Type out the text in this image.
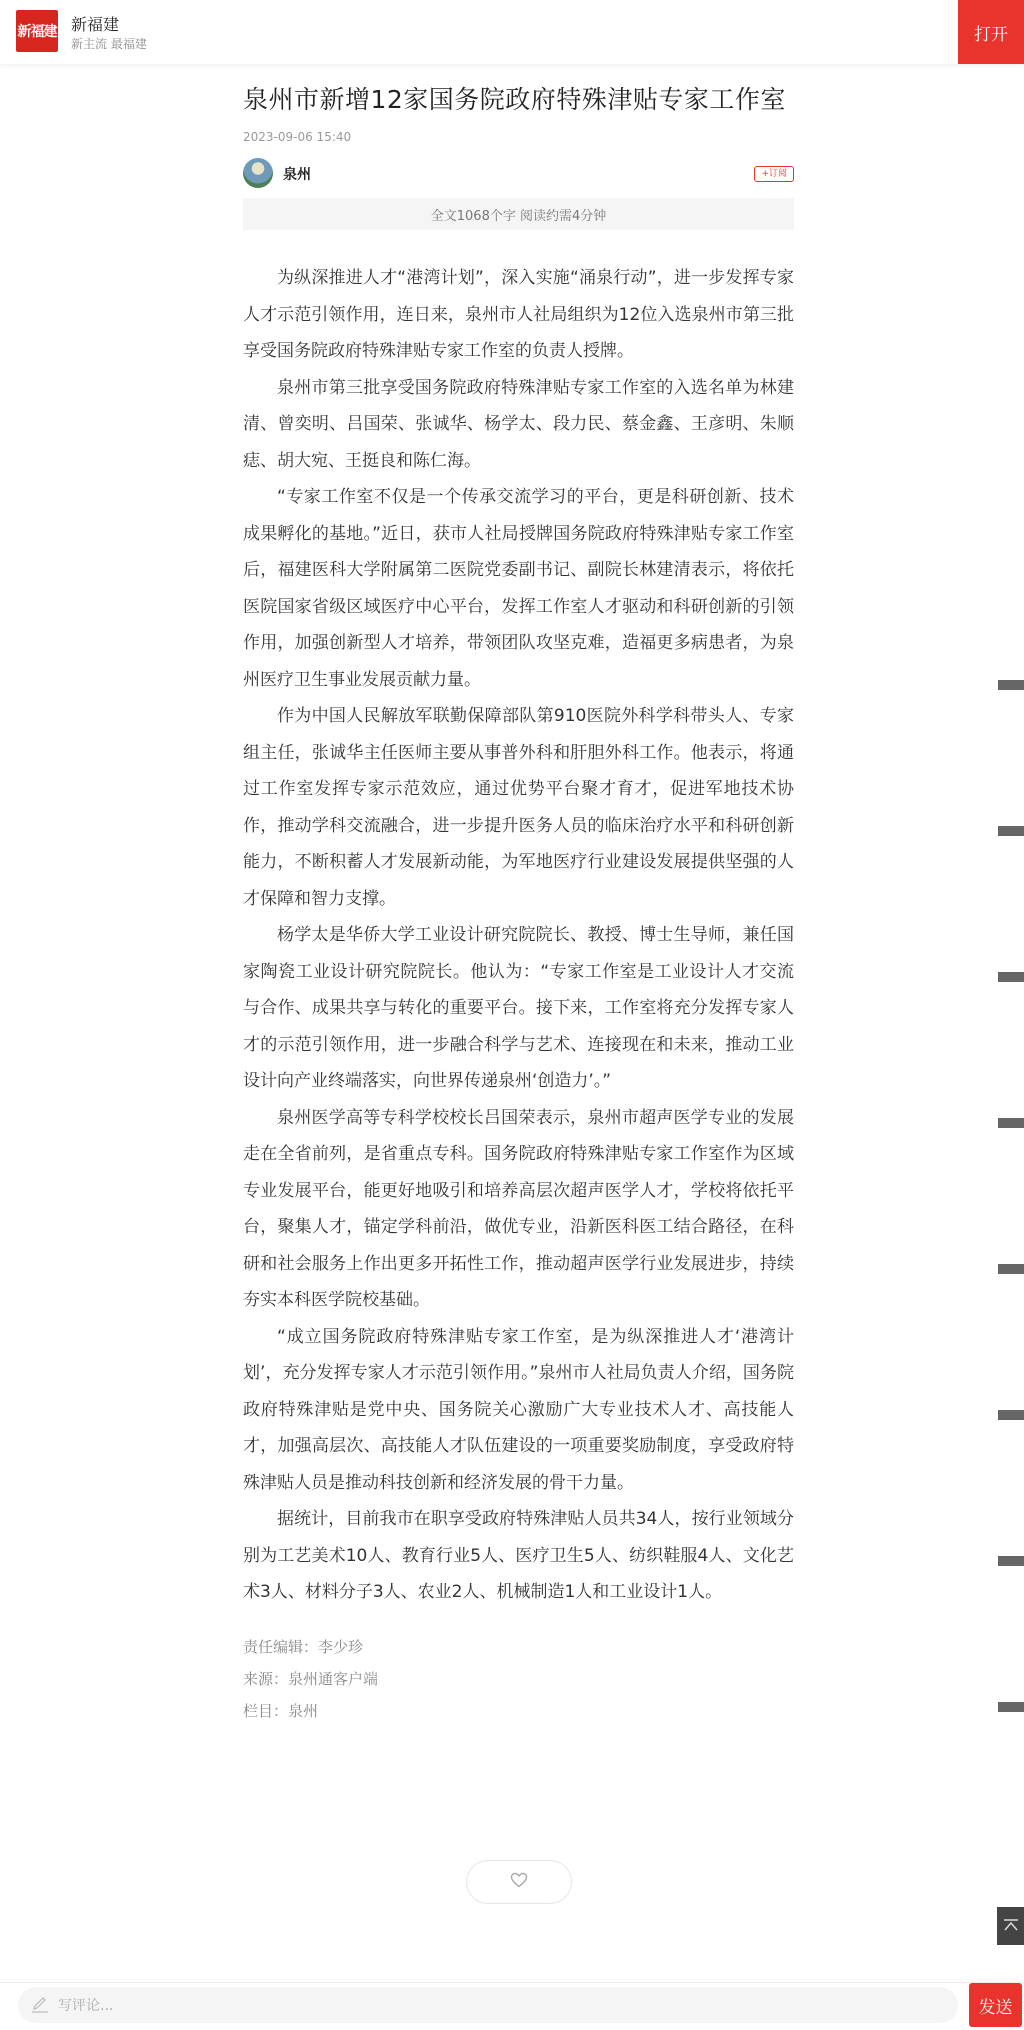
新福建 新福建
新主流 最福建	打开
泉州市新增12家国务院政府特殊津贴专家工作室
2023-09-06 15:40
泉州	+订阅
全文1068个字 阅读约需4分钟

为纵深推进人才“港湾计划”，深入实施“涌泉行动”，进一步发挥专家人才示范引领作用，连日来，泉州市人社局组织为12位入选泉州市第三批享受国务院政府特殊津贴专家工作室的负责人授牌。

泉州市第三批享受国务院政府特殊津贴专家工作室的入选名单为林建清、曾奕明、吕国荣、张诚华、杨学太、段力民、蔡金鑫、王彦明、朱顺痣、胡大宛、王挺良和陈仁海。

“专家工作室不仅是一个传承交流学习的平台，更是科研创新、技术成果孵化的基地。”近日，获市人社局授牌国务院政府特殊津贴专家工作室后，福建医科大学附属第二医院党委副书记、副院长林建清表示，将依托医院国家省级区域医疗中心平台，发挥工作室人才驱动和科研创新的引领作用，加强创新型人才培养，带领团队攻坚克难，造福更多病患者，为泉州医疗卫生事业发展贡献力量。

作为中国人民解放军联勤保障部队第910医院外科学科带头人、专家组主任，张诚华主任医师主要从事普外科和肝胆外科工作。他表示，将通过工作室发挥专家示范效应，通过优势平台聚才育才，促进军地技术协作，推动学科交流融合，进一步提升医务人员的临床治疗水平和科研创新能力，不断积蓄人才发展新动能，为军地医疗行业建设发展提供坚强的人才保障和智力支撑。

杨学太是华侨大学工业设计研究院院长、教授、博士生导师，兼任国家陶瓷工业设计研究院院长。他认为：“专家工作室是工业设计人才交流与合作、成果共享与转化的重要平台。接下来，工作室将充分发挥专家人才的示范引领作用，进一步融合科学与艺术、连接现在和未来，推动工业设计向产业终端落实，向世界传递泉州‘创造力’。”

泉州医学高等专科学校校长吕国荣表示，泉州市超声医学专业的发展走在全省前列，是省重点专科。国务院政府特殊津贴专家工作室作为区域专业发展平台，能更好地吸引和培养高层次超声医学人才，学校将依托平台，聚集人才，锚定学科前沿，做优专业，沿新医科医工结合路径，在科研和社会服务上作出更多开拓性工作，推动超声医学行业发展进步，持续夯实本科医学院校基础。

“成立国务院政府特殊津贴专家工作室，是为纵深推进人才‘港湾计划’，充分发挥专家人才示范引领作用。”泉州市人社局负责人介绍，国务院政府特殊津贴是党中央、国务院关心激励广大专业技术人才、高技能人才，加强高层次、高技能人才队伍建设的一项重要奖励制度，享受政府特殊津贴人员是推动科技创新和经济发展的骨干力量。

据统计，目前我市在职享受政府特殊津贴人员共34人，按行业领域分别为工艺美术10人、教育行业5人、医疗卫生5人、纺织鞋服4人、文化艺术3人、材料分子3人、农业2人、机械制造1人和工业设计1人。

责任编辑：李少珍
来源：泉州通客户端
栏目：泉州
写评论...	发送
